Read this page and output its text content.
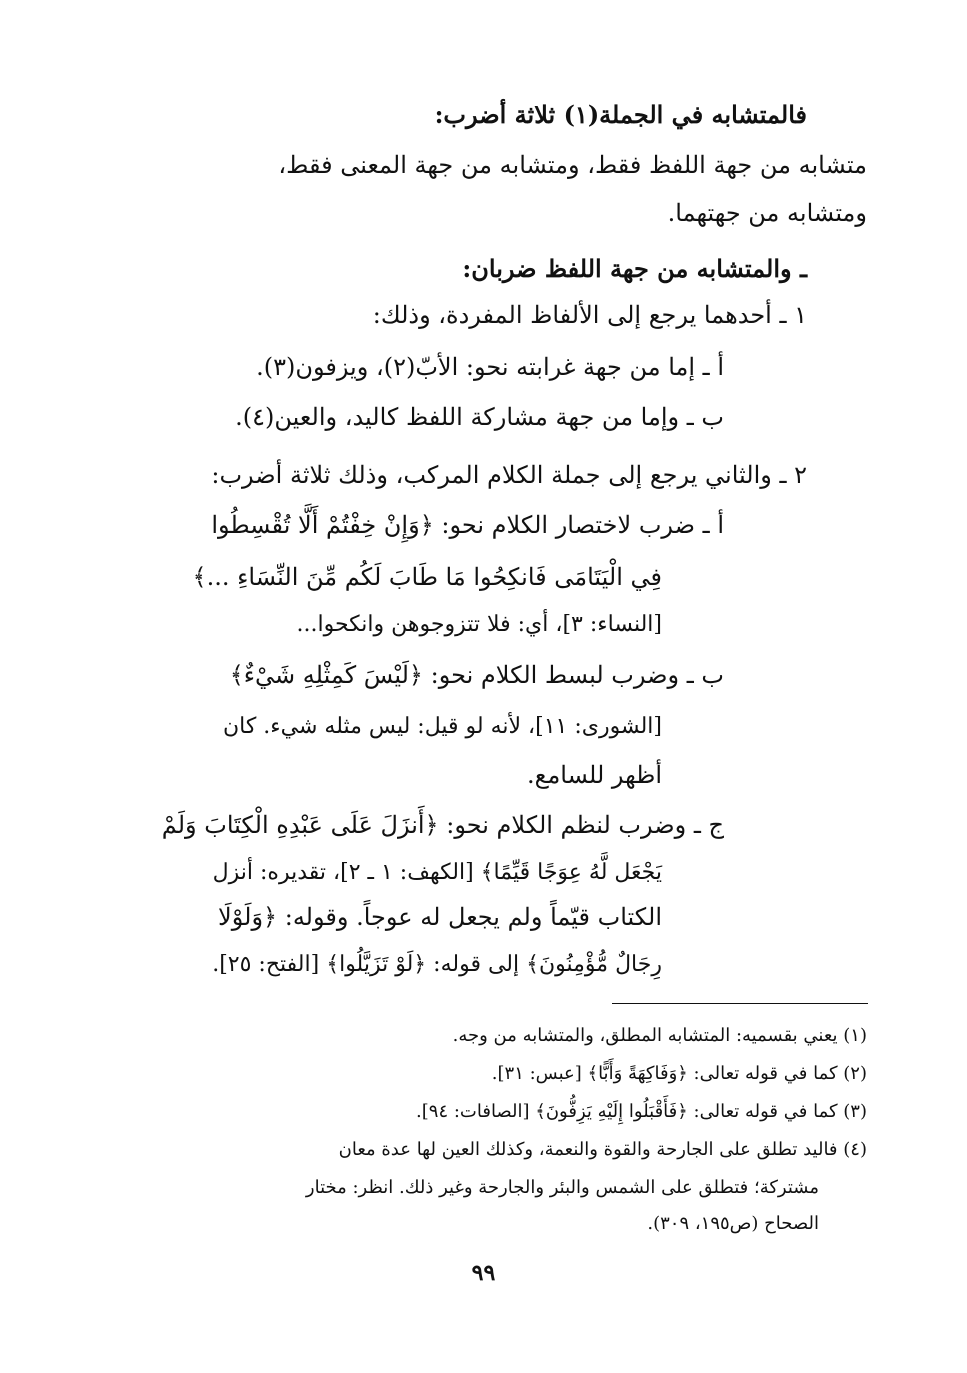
فالمتشابه في الجملة(١) ثلاثة أضرب:
متشابه من جهة اللفظ فقط، ومتشابه من جهة المعنى فقط،
ومتشابه من جهتهما.
ـ والمتشابه من جهة اللفظ ضربان:
١ ـ أحدهما يرجع إلى الألفاظ المفردة، وذلك:
أ ـ إما من جهة غرابته نحو: الأبّ(٢)، ويزفون(٣).
ب ـ وإما من جهة مشاركة اللفظ كاليد، والعين(٤).
٢ ـ والثاني يرجع إلى جملة الكلام المركب، وذلك ثلاثة أضرب:
أ ـ ضرب لاختصار الكلام نحو: ﴿وَإِنْ خِفْتُمْ أَلَّا تُقْسِطُوا
فِي الْيَتَامَى فَانكِحُوا مَا طَابَ لَكُم مِّنَ النِّسَاءِ ...﴾
[النساء: ٣]، أي: فلا تتزوجوهن وانكحوا...
ب ـ وضرب لبسط الكلام نحو: ﴿لَيْسَ كَمِثْلِهِ شَيْءٌ﴾
[الشورى: ١١]، لأنه لو قيل: ليس مثله شيء. كان
أظهر للسامع.
ج ـ وضرب لنظم الكلام نحو: ﴿أَنزَلَ عَلَى عَبْدِهِ الْكِتَابَ وَلَمْ
يَجْعَل لَّهُ عِوَجًا قَيِّمًا﴾ [الكهف: ١ ـ ٢]، تقديره: أنزل
الكتاب قيّماً ولم يجعل له عوجاً. وقوله: ﴿وَلَوْلَا
رِجَالٌ مُّؤْمِنُونَ﴾ إلى قوله: ﴿لَوْ تَزَيَّلُوا﴾ [الفتح: ٢٥].
(١) يعني بقسميه: المتشابه المطلق، والمتشابه من وجه.
(٢) كما في قوله تعالى: ﴿وَفَاكِهَةً وَأَبًّا﴾ [عبس: ٣١].
(٣) كما في قوله تعالى: ﴿فَأَقْبَلُوا إِلَيْهِ يَزِفُّونَ﴾ [الصافات: ٩٤].
(٤) فاليد تطلق على الجارحة والقوة والنعمة، وكذلك العين لها عدة معان
مشتركة؛ فتطلق على الشمس والبئر والجارحة وغير ذلك. انظر: مختار
الصحاح (ص١٩٥، ٣٠٩).
٩٩
